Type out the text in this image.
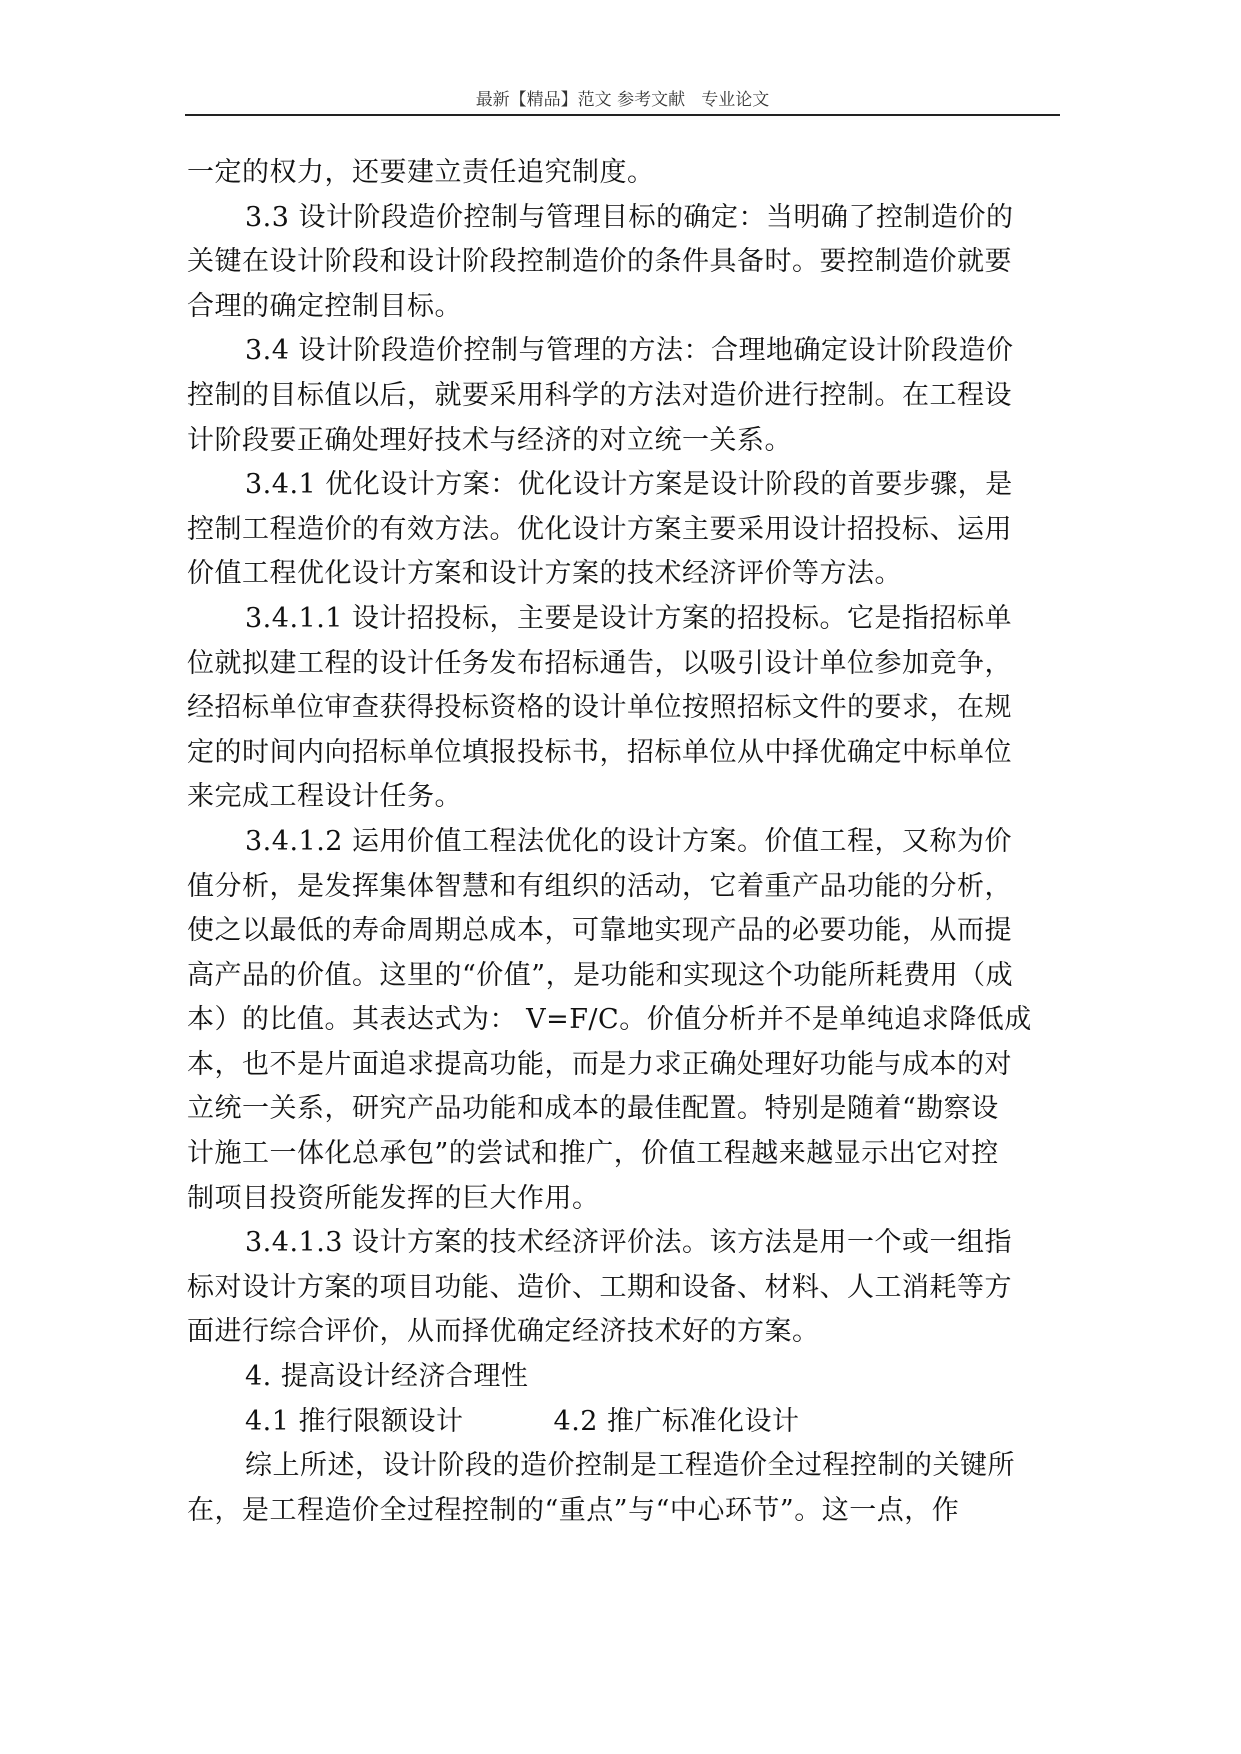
最新【精品】范文 参考文献   专业论文
一定的权力，还要建立责任追究制度。
3.3 设计阶段造价控制与管理目标的确定：当明确了控制造价的
关键在设计阶段和设计阶段控制造价的条件具备时。要控制造价就要
合理的确定控制目标。
3.4 设计阶段造价控制与管理的方法：合理地确定设计阶段造价
控制的目标值以后，就要采用科学的方法对造价进行控制。在工程设
计阶段要正确处理好技术与经济的对立统一关系。
3.4.1 优化设计方案：优化设计方案是设计阶段的首要步骤，是
控制工程造价的有效方法。优化设计方案主要采用设计招投标、运用
价值工程优化设计方案和设计方案的技术经济评价等方法。
3.4.1.1 设计招投标，主要是设计方案的招投标。它是指招标单
位就拟建工程的设计任务发布招标通告，以吸引设计单位参加竞争，
经招标单位审查获得投标资格的设计单位按照招标文件的要求，在规
定的时间内向招标单位填报投标书，招标单位从中择优确定中标单位
来完成工程设计任务。
3.4.1.2 运用价值工程法优化的设计方案。价值工程，又称为价
值分析，是发挥集体智慧和有组织的活动，它着重产品功能的分析，
使之以最低的寿命周期总成本，可靠地实现产品的必要功能，从而提
高产品的价值。这里的“价值”，是功能和实现这个功能所耗费用（成
本）的比值。其表达式为： V=F/C。价值分析并不是单纯追求降低成
本，也不是片面追求提高功能，而是力求正确处理好功能与成本的对
立统一关系，研究产品功能和成本的最佳配置。特别是随着“勘察设
计施工一体化总承包”的尝试和推广，价值工程越来越显示出它对控
制项目投资所能发挥的巨大作用。
3.4.1.3 设计方案的技术经济评价法。该方法是用一个或一组指
标对设计方案的项目功能、造价、工期和设备、材料、人工消耗等方
面进行综合评价，从而择优确定经济技术好的方案。
4. 提高设计经济合理性
4.1 推行限额设计	4.2 推广标准化设计
综上所述，设计阶段的造价控制是工程造价全过程控制的关键所
在，是工程造价全过程控制的“重点”与“中心环节”。这一点，作
